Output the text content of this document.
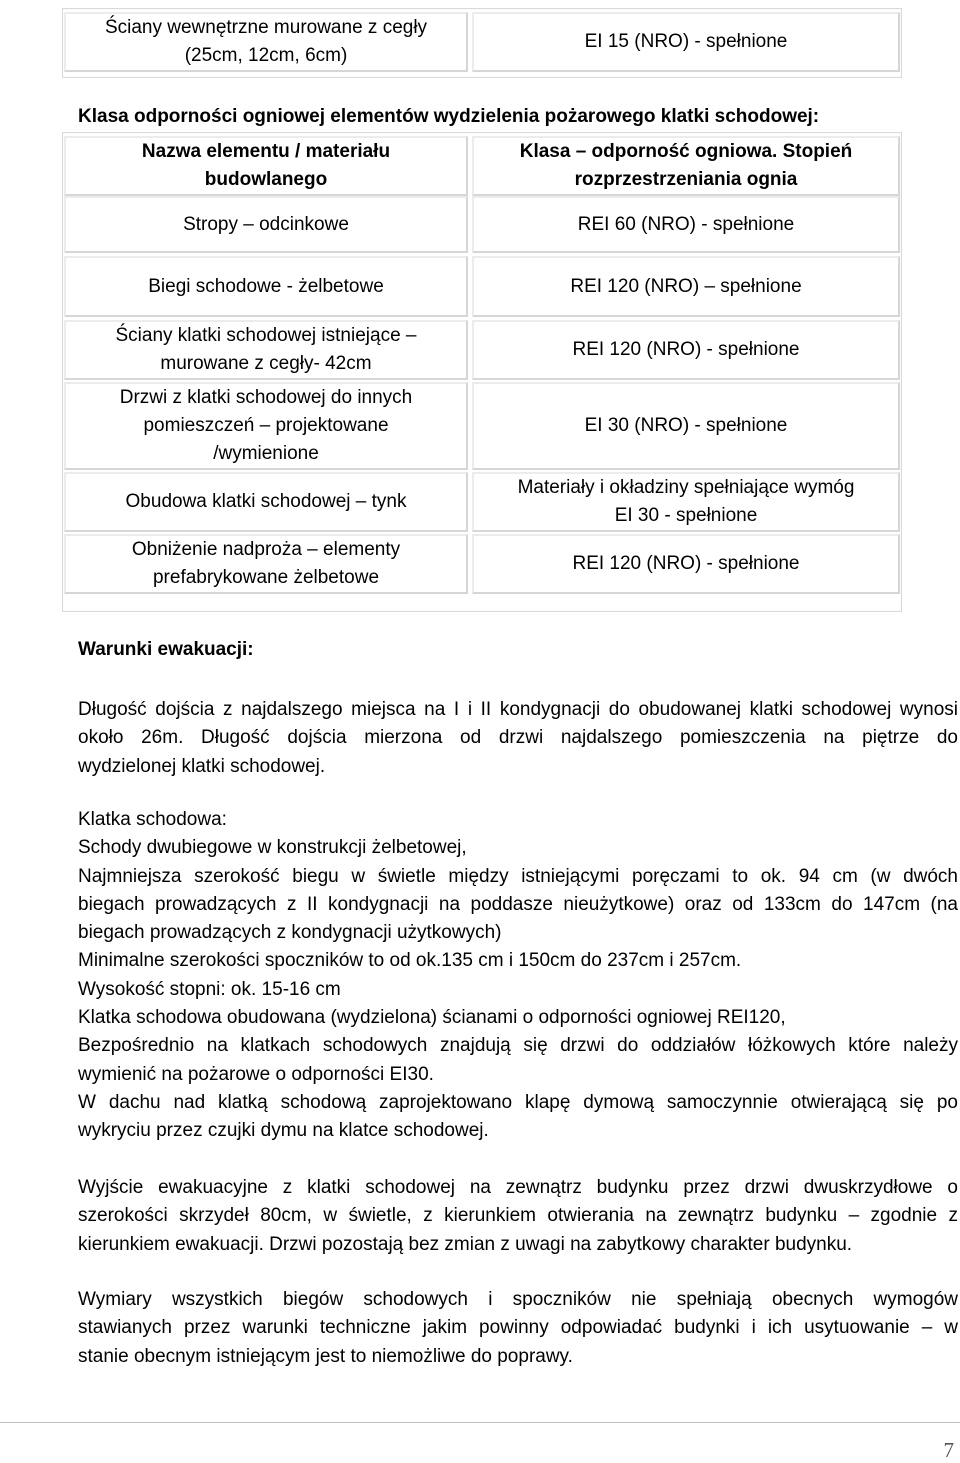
Ściany wewnętrzne murowane z cegły
(25cm, 12cm, 6cm)
EI 15 (NRO) - spełnione
Klasa odporności ogniowej elementów wydzielenia pożarowego klatki schodowej:
Nazwa elementu / materiału
budowlanego
Klasa – odporność ogniowa. Stopień
rozprzestrzeniania ognia
Stropy – odcinkowe	REI 60 (NRO) - spełnione
Biegi schodowe - żelbetowe	REI 120 (NRO) – spełnione
Ściany klatki schodowej istniejące –
murowane z cegły- 42cm
REI 120 (NRO) - spełnione
Drzwi z klatki schodowej do innych
pomieszczeń – projektowane
/wymienione
EI 30 (NRO) - spełnione
Obudowa klatki schodowej – tynk
Materiały i okładziny spełniające wymóg
EI 30 - spełnione
Obniżenie nadproża – elementy
prefabrykowane żelbetowe
REI 120 (NRO) - spełnione
Warunki ewakuacji:
Długość dojścia z najdalszego miejsca na I i II kondygnacji do obudowanej klatki schodowej wynosi
około 26m. Długość dojścia mierzona od drzwi najdalszego pomieszczenia na piętrze do
wydzielonej klatki schodowej.
Klatka schodowa:
Schody dwubiegowe w konstrukcji żelbetowej,
Najmniejsza szerokość biegu w świetle między istniejącymi poręczami to ok. 94 cm (w dwóch
biegach prowadzących z II kondygnacji na poddasze nieużytkowe) oraz od 133cm do 147cm (na
biegach prowadzących z kondygnacji użytkowych)
Minimalne szerokości spoczników to od ok.135 cm i 150cm do 237cm i 257cm.
Wysokość stopni: ok. 15-16 cm
Klatka schodowa obudowana (wydzielona) ścianami o odporności ogniowej REI120,
Bezpośrednio na klatkach schodowych znajdują się drzwi do oddziałów łóżkowych które należy
wymienić na pożarowe o odporności EI30.
W dachu nad klatką schodową zaprojektowano klapę dymową samoczynnie otwierającą się po
wykryciu przez czujki dymu na klatce schodowej.
Wyjście ewakuacyjne z klatki schodowej na zewnątrz budynku przez drzwi dwuskrzydłowe o
szerokości skrzydeł 80cm, w świetle, z kierunkiem otwierania na zewnątrz budynku – zgodnie z
kierunkiem ewakuacji. Drzwi pozostają bez zmian z uwagi na zabytkowy charakter budynku.
Wymiary wszystkich biegów schodowych i spoczników nie spełniają obecnych wymogów
stawianych przez warunki techniczne jakim powinny odpowiadać budynki i ich usytuowanie – w
stanie obecnym istniejącym jest to niemożliwe do poprawy.
7
